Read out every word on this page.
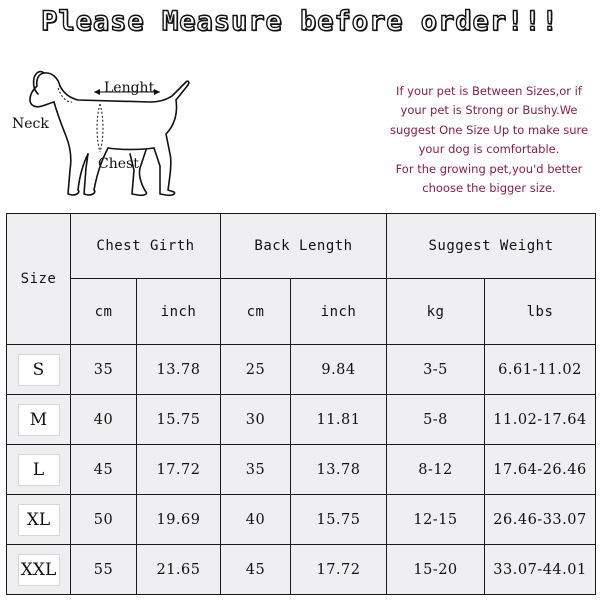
Please Measure before order!!!
Neck
Lenght
Chest
If your pet is Between Sizes,or if
your pet is Strong or Bushy.We
suggest One Size Up to make sure
your dog is comfortable.
For the growing pet,you'd better
choose the bigger size.
Size	Chest Girth		Back Length		Suggest Weight	
	cm	inch	cm	inch	kg	lbs
S	35	13.78	25	9.84	3-5	6.61-11.02
M	40	15.75	30	11.81	5-8	11.02-17.64
L	45	17.72	35	13.78	8-12	17.64-26.46
XL	50	19.69	40	15.75	12-15	26.46-33.07
XXL	55	21.65	45	17.72	15-20	33.07-44.01
